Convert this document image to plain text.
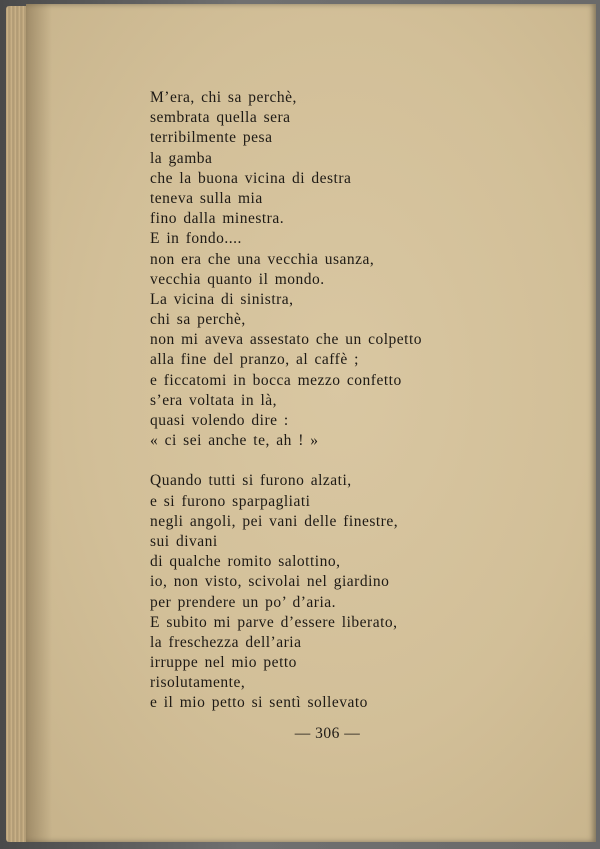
M’era, chi sa perchè,
sembrata quella sera
terribilmente pesa
la gamba
che la buona vicina di destra
teneva sulla mia
fino dalla minestra.
E in fondo....
non era che una vecchia usanza,
vecchia quanto il mondo.
La vicina di sinistra,
chi sa perchè,
non mi aveva assestato che un colpetto
alla fine del pranzo, al caffè ;
e ficcatomi in bocca mezzo confetto
s’era voltata in là,
quasi volendo dire :
« ci sei anche te, ah ! »
Quando tutti si furono alzati,
e si furono sparpagliati
negli angoli, pei vani delle finestre,
sui divani
di qualche romito salottino,
io, non visto, scivolai nel giardino
per prendere un po’ d’aria.
E subito mi parve d’essere liberato,
la freschezza dell’aria
irruppe nel mio petto
risolutamente,
e il mio petto si sentì sollevato
— 306 —
